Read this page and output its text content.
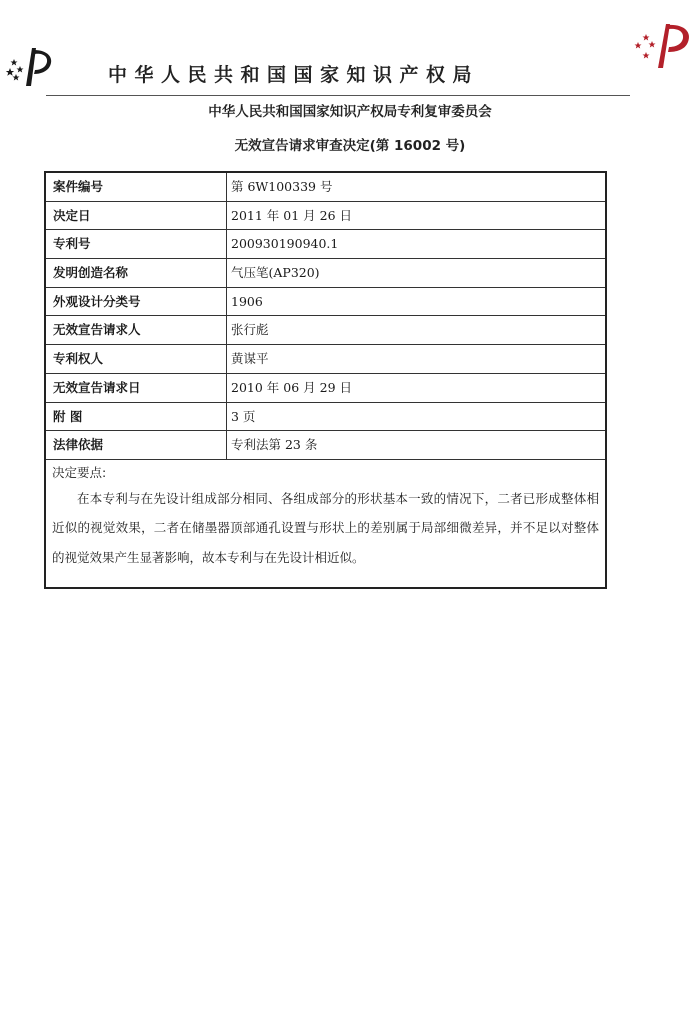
中华人民共和国国家知识产权局
中华人民共和国国家知识产权局专利复审委员会
无效宣告请求审查决定(第 16002 号)
案件编号	第 6W100339 号
决定日	2011 年 01 月 26 日
专利号	200930190940.1
发明创造名称	气压笔(AP320)
外观设计分类号	1906
无效宣告请求人	张行彪
专利权人	黄谋平
无效宣告请求日	2010 年 06 月 29 日
附 图	3 页
法律依据	专利法第 23 条
决定要点:
在本专利与在先设计组成部分相同、各组成部分的形状基本一致的情况下，二者已形成整体相近似的视觉效果，二者在储墨器顶部通孔设置与形状上的差别属于局部细微差异，并不足以对整体的视觉效果产生显著影响，故本专利与在先设计相近似。
